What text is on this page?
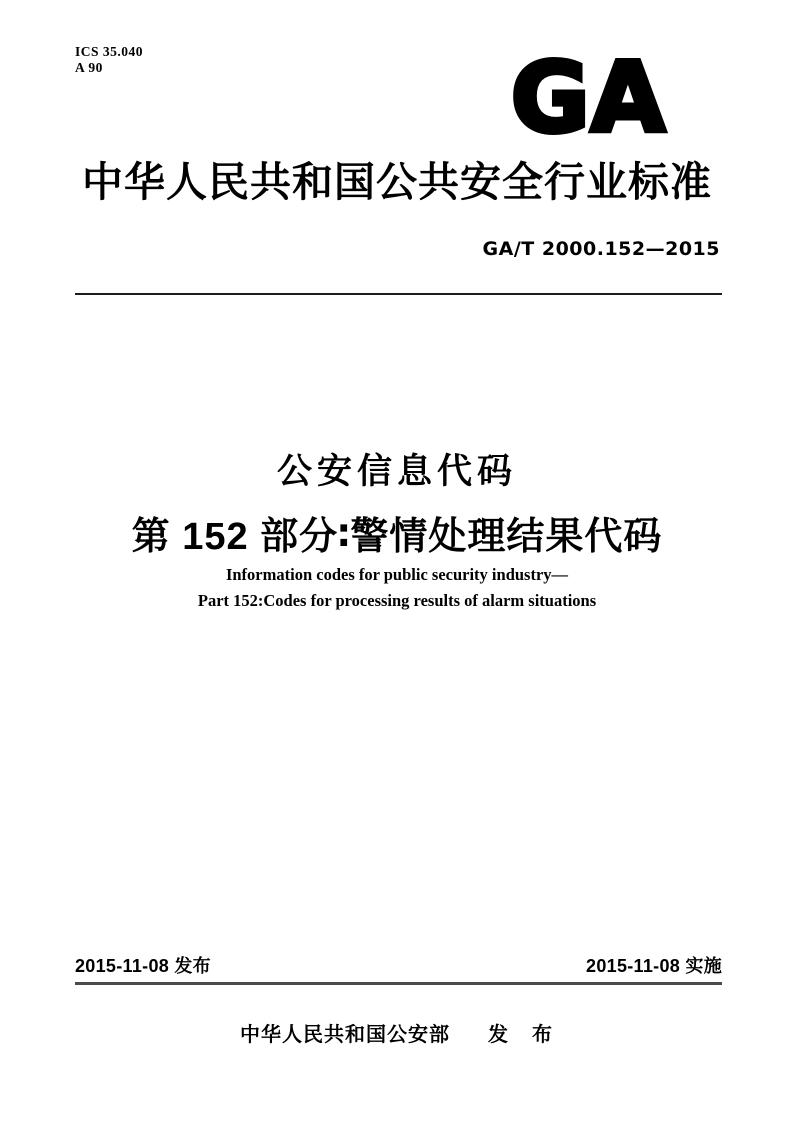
ICS 35.040
A 90	GA
中华人民共和国公共安全行业标准
GA/T 2000.152—2015
公安信息代码
第 152 部分∶警情处理结果代码
Information codes for public security industry—
Part 152:Codes for processing results of alarm situations
2015-11-08 发布	2015-11-08 实施
中华人民共和国公安部 发　布
